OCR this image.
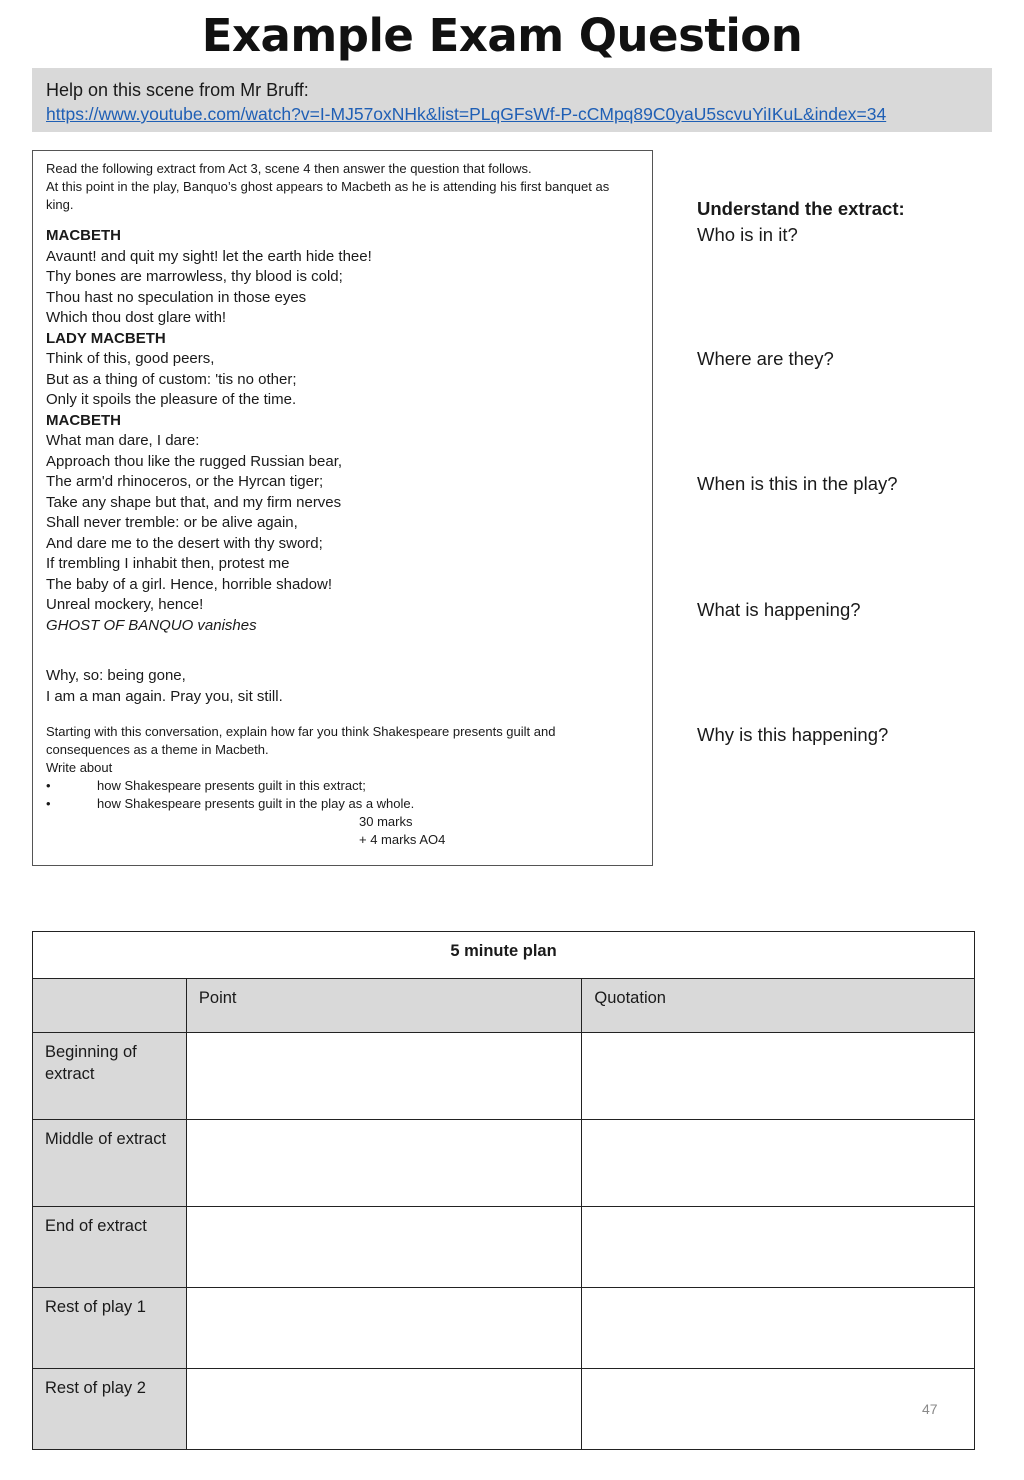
Example Exam Question
Help on this scene from Mr Bruff:
https://www.youtube.com/watch?v=I-MJ57oxNHk&list=PLqGFsWf-P-cCMpq89C0yaU5scvuYiIKuL&index=34
Read the following extract from Act 3, scene 4 then answer the question that follows.
At this point in the play, Banquo’s ghost appears to Macbeth as he is attending his first banquet as king.
MACBETH
Avaunt! and quit my sight! let the earth hide thee!
Thy bones are marrowless, thy blood is cold;
Thou hast no speculation in those eyes
Which thou dost glare with!
LADY MACBETH
Think of this, good peers,
But as a thing of custom: 'tis no other;
Only it spoils the pleasure of the time.
MACBETH
What man dare, I dare:
Approach thou like the rugged Russian bear,
The arm'd rhinoceros, or the Hyrcan tiger;
Take any shape but that, and my firm nerves
Shall never tremble: or be alive again,
And dare me to the desert with thy sword;
If trembling I inhabit then, protest me
The baby of a girl. Hence, horrible shadow!
Unreal mockery, hence!
GHOST OF BANQUO vanishes
Why, so: being gone,
I am a man again. Pray you, sit still.
Starting with this conversation, explain how far you think Shakespeare presents guilt and consequences as a theme in Macbeth.
Write about
•	how Shakespeare presents guilt in this extract;
•	how Shakespeare presents guilt in the play as a whole.
30 marks
+ 4 marks AO4
Understand the extract:
Who is in it?
Where are they?
When is this in the play?
What is happening?
Why is this happening?
5 minute plan		
	Point	Quotation
Beginning of extract		
Middle of extract		
End of extract		
Rest of play 1		
Rest of play 2		
47
